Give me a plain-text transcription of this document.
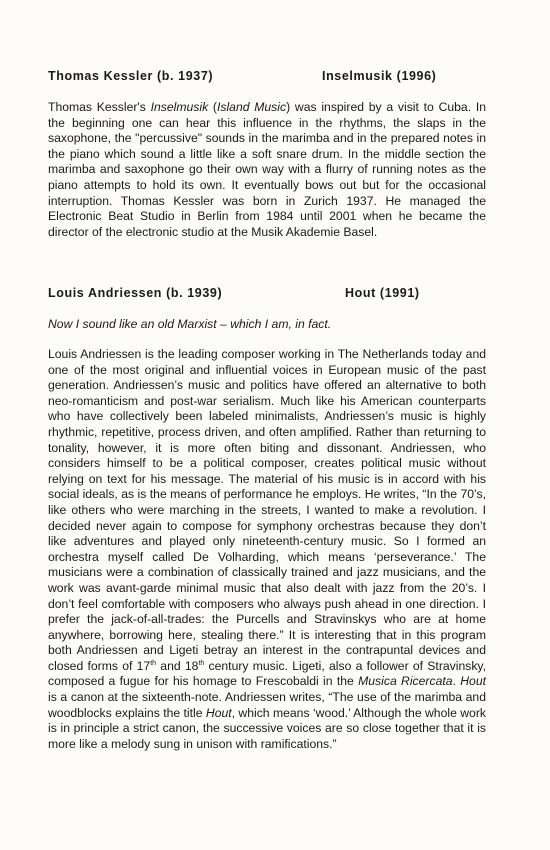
Thomas Kessler (b. 1937)	Inselmusik (1996)

Thomas Kessler's Inselmusik (Island Music) was inspired by a visit to Cuba. In the beginning one can hear this influence in the rhythms, the slaps in the saxophone, the "percussive" sounds in the marimba and in the prepared notes in the piano which sound a little like a soft snare drum. In the middle section the marimba and saxophone go their own way with a flurry of running notes as the piano attempts to hold its own. It eventually bows out but for the occasional interruption. Thomas Kessler was born in Zurich 1937. He managed the Electronic Beat Studio in Berlin from 1984 until 2001 when he became the director of the electronic studio at the Musik Akademie Basel.

Louis Andriessen (b. 1939)	Hout (1991)
Now I sound like an old Marxist – which I am, in fact.

Louis Andriessen is the leading composer working in The Netherlands today and one of the most original and influential voices in European music of the past generation. Andriessen’s music and politics have offered an alternative to both neo-romanticism and post-war serialism. Much like his American counterparts who have collectively been labeled minimalists, Andriessen’s music is highly rhythmic, repetitive, process driven, and often amplified. Rather than returning to tonality, however, it is more often biting and dissonant. Andriessen, who considers himself to be a political composer, creates political music without relying on text for his message. The material of his music is in accord with his social ideals, as is the means of performance he employs. He writes, “In the 70’s, like others who were marching in the streets, I wanted to make a revolution. I decided never again to compose for symphony orchestras because they don’t like adventures and played only nineteenth-century music. So I formed an orchestra myself called De Volharding, which means ‘perseverance.’ The musicians were a combination of classically trained and jazz musicians, and the work was avant-garde minimal music that also dealt with jazz from the 20’s. I don’t feel comfortable with composers who always push ahead in one direction. I prefer the jack-of-all-trades: the Purcells and Stravinskys who are at home anywhere, borrowing here, stealing there.” It is interesting that in this program both Andriessen and Ligeti betray an interest in the contrapuntal devices and closed forms of 17th and 18th century music. Ligeti, also a follower of Stravinsky, composed a fugue for his homage to Frescobaldi in the Musica Ricercata. Hout is a canon at the sixteenth-note. Andriessen writes, “The use of the marimba and woodblocks explains the title Hout, which means ‘wood.’ Although the whole work is in principle a strict canon, the successive voices are so close together that it is more like a melody sung in unison with ramifications.”
